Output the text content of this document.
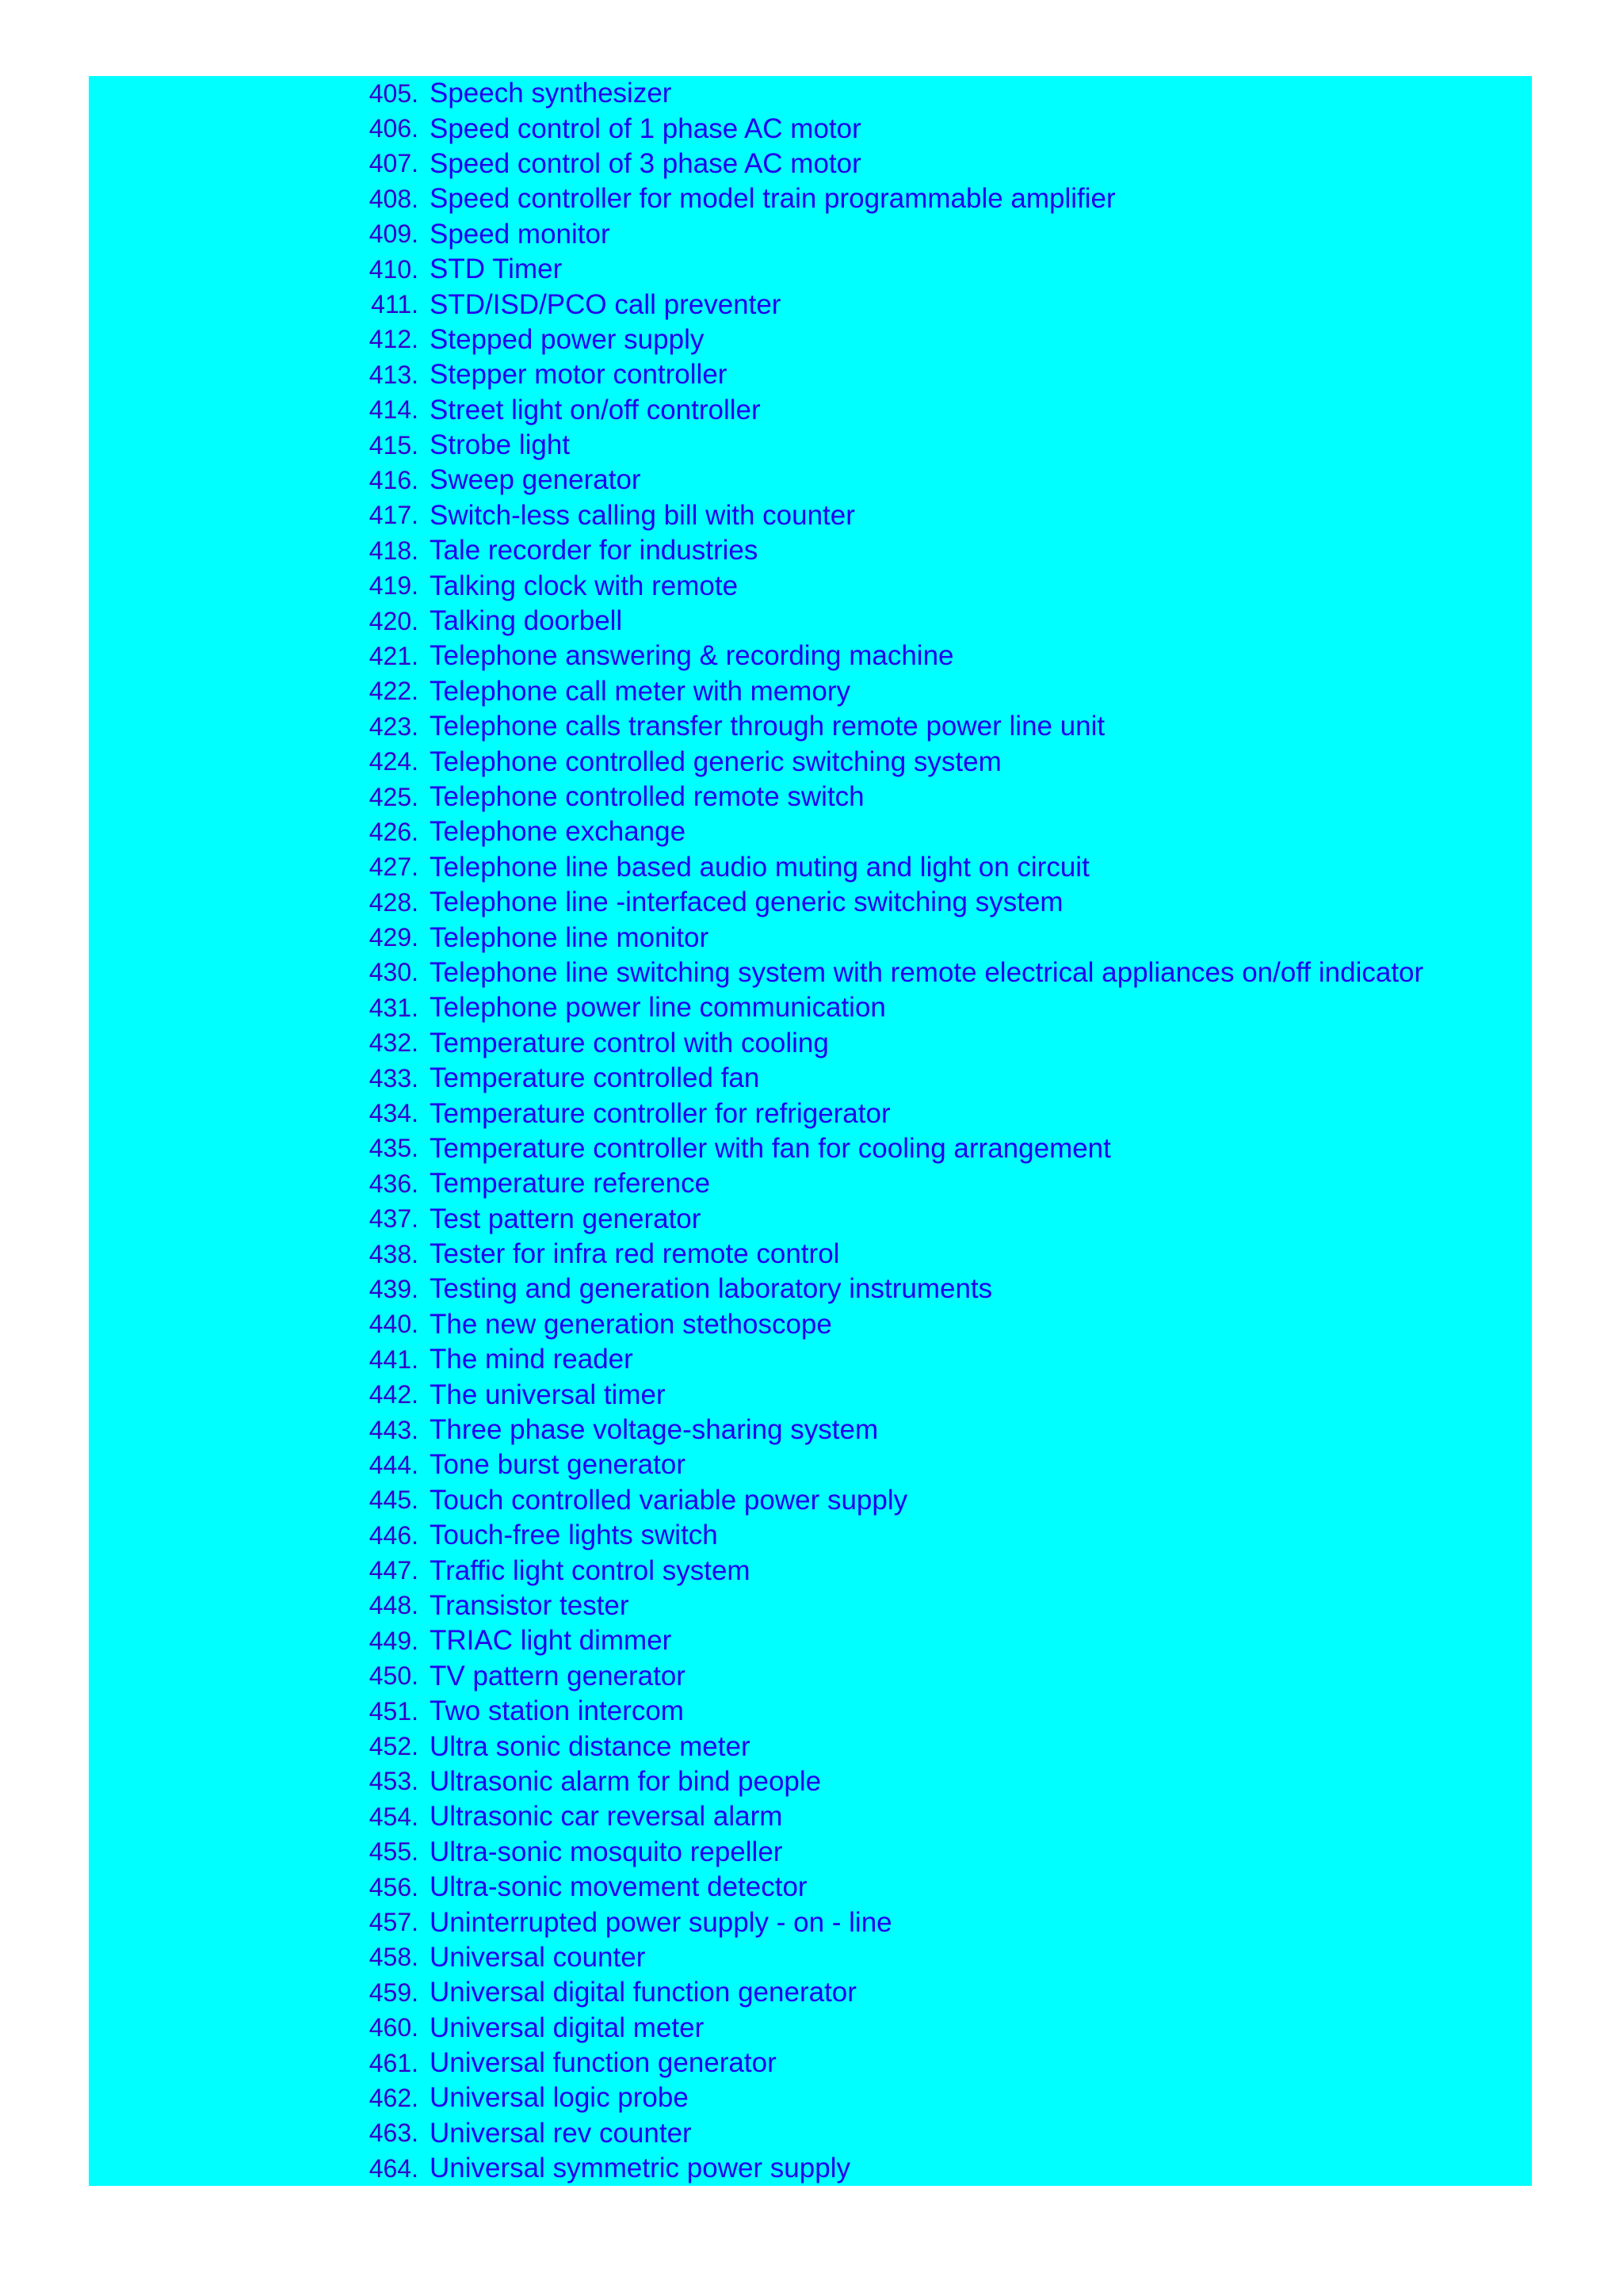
405. Speech synthesizer
406. Speed control of 1 phase AC motor
407. Speed control of 3 phase AC motor
408. Speed controller for model train programmable amplifier
409. Speed monitor
410. STD Timer
411. STD/ISD/PCO call preventer
412. Stepped power supply
413. Stepper motor controller
414. Street light on/off controller
415. Strobe light
416. Sweep generator
417. Switch-less calling bill with counter
418. Tale recorder for industries
419. Talking clock with remote
420. Talking doorbell
421. Telephone answering & recording machine
422. Telephone call meter with memory
423. Telephone calls transfer through remote power line unit
424. Telephone controlled generic switching system
425. Telephone controlled remote switch
426. Telephone exchange
427. Telephone line based audio muting and light on circuit
428. Telephone line -interfaced generic switching system
429. Telephone line monitor
430. Telephone line switching system with remote electrical appliances on/off indicator
431. Telephone power line communication
432. Temperature control with cooling
433. Temperature controlled fan
434. Temperature controller for refrigerator
435. Temperature controller with fan for cooling arrangement
436. Temperature reference
437. Test pattern generator
438. Tester for infra red remote control
439. Testing and generation laboratory instruments
440. The new generation stethoscope
441. The mind reader
442. The universal timer
443. Three phase voltage-sharing system
444. Tone burst generator
445. Touch controlled variable power supply
446. Touch-free lights switch
447. Traffic light control system
448. Transistor tester
449. TRIAC light dimmer
450. TV pattern generator
451. Two station intercom
452. Ultra sonic distance meter
453. Ultrasonic alarm for bind people
454. Ultrasonic car reversal alarm
455. Ultra-sonic mosquito repeller
456. Ultra-sonic movement detector
457. Uninterrupted power supply - on - line
458. Universal counter
459. Universal digital function generator
460. Universal digital meter
461. Universal function generator
462. Universal logic probe
463. Universal rev counter
464. Universal symmetric power supply
